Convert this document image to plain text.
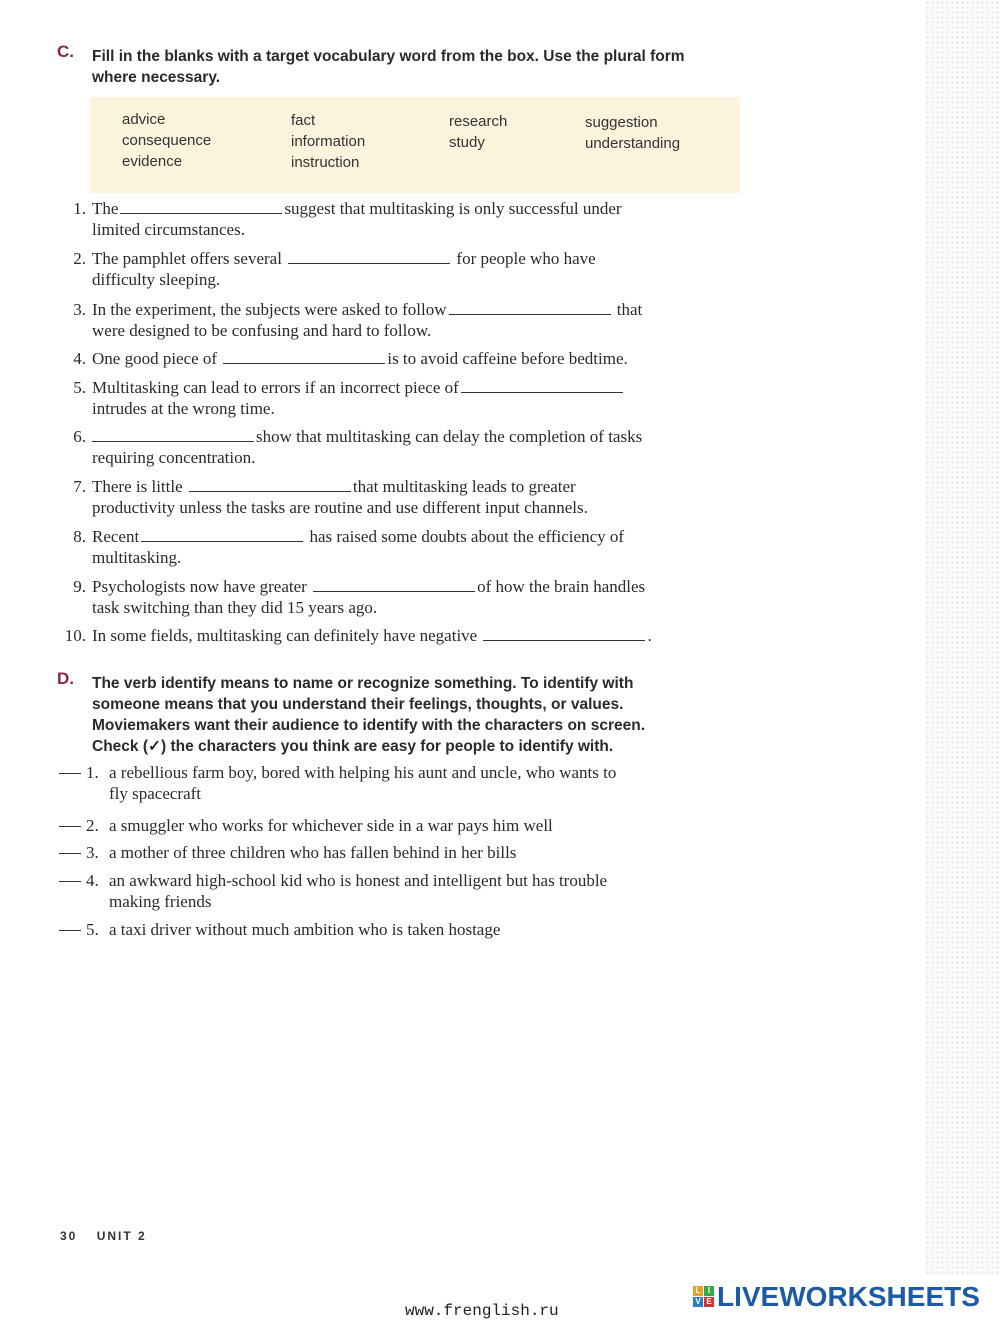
C. Fill in the blanks with a target vocabulary word from the box. Use the plural form
where necessary.
advice
consequence
evidence
fact
information
instruction
research
study
suggestion
understanding
1. The	suggest that multitasking is only successful under
limited circumstances.
2. The pamphlet offers several	for people who have
difficulty sleeping.
3. In the experiment, the subjects were asked to follow	that
were designed to be confusing and hard to follow.
4. One good piece of	is to avoid caffeine before bedtime.
5. Multitasking can lead to errors if an incorrect piece of
intrudes at the wrong time.
6.	show that multitasking can delay the completion of tasks
requiring concentration.
7. There is little	that multitasking leads to greater
productivity unless the tasks are routine and use different input channels.
8. Recent	has raised some doubts about the efficiency of
multitasking.
9. Psychologists now have greater	of how the brain handles
task switching than they did 15 years ago.
10. In some fields, multitasking can definitely have negative	.
D. The verb identify means to name or recognize something. To identify with
someone means that you understand their feelings, thoughts, or values.
Moviemakers want their audience to identify with the characters on screen.
Check (✓) the characters you think are easy for people to identify with.
1. a rebellious farm boy, bored with helping his aunt and uncle, who wants to
fly spacecraft
2. a smuggler who works for whichever side in a war pays him well
3. a mother of three children who has fallen behind in her bills
4. an awkward high-school kid who is honest and intelligent but has trouble
making friends
5. a taxi driver without much ambition who is taken hostage
30 UNIT 2
www.frenglish.ru
L I
V E LIVEWORKSHEETS
